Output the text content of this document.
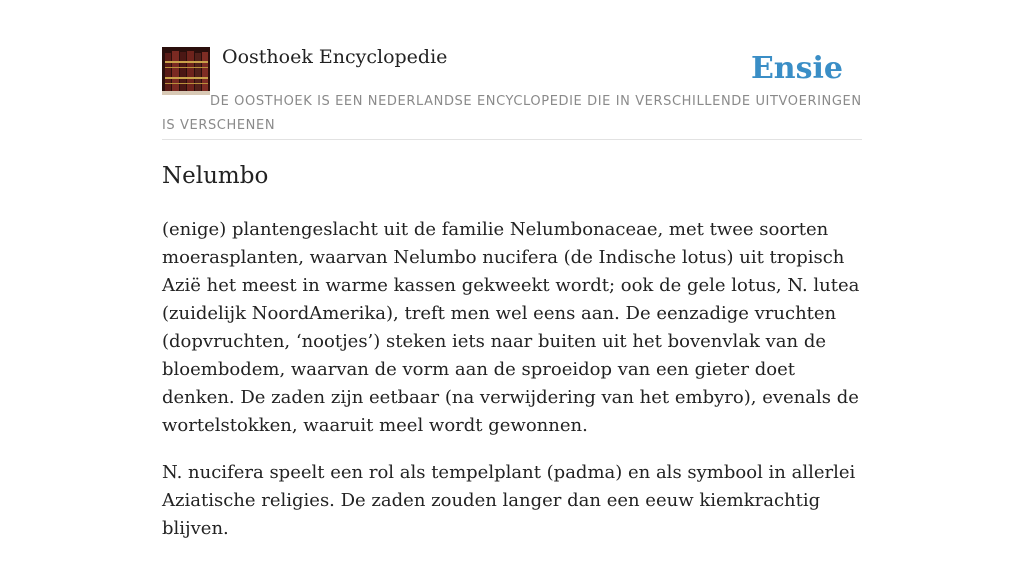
Oosthoek Encyclopedie	Ensie
DE OOSTHOEK IS EEN NEDERLANDSE ENCYCLOPEDIE DIE IN VERSCHILLENDE UITVOERINGEN IS VERSCHENEN
Nelumbo

(enige) plantengeslacht uit de familie Nelumbonaceae, met twee soorten moerasplanten, waarvan Nelumbo nucifera (de Indische lotus) uit tropisch Azië het meest in warme kassen gekweekt wordt; ook de gele lotus, N. lutea (zuidelijk NoordAmerika), treft men wel eens aan. De eenzadige vruchten (dopvruchten, ‘nootjes’) steken iets naar buiten uit het bovenvlak van de bloembodem, waarvan de vorm aan de sproeidop van een gieter doet denken. De zaden zijn eetbaar (na verwijdering van het embyro), evenals de wortelstokken, waaruit meel wordt gewonnen.

N. nucifera speelt een rol als tempelplant (padma) en als symbool in allerlei Aziatische religies. De zaden zouden langer dan een eeuw kiemkrachtig blijven.
